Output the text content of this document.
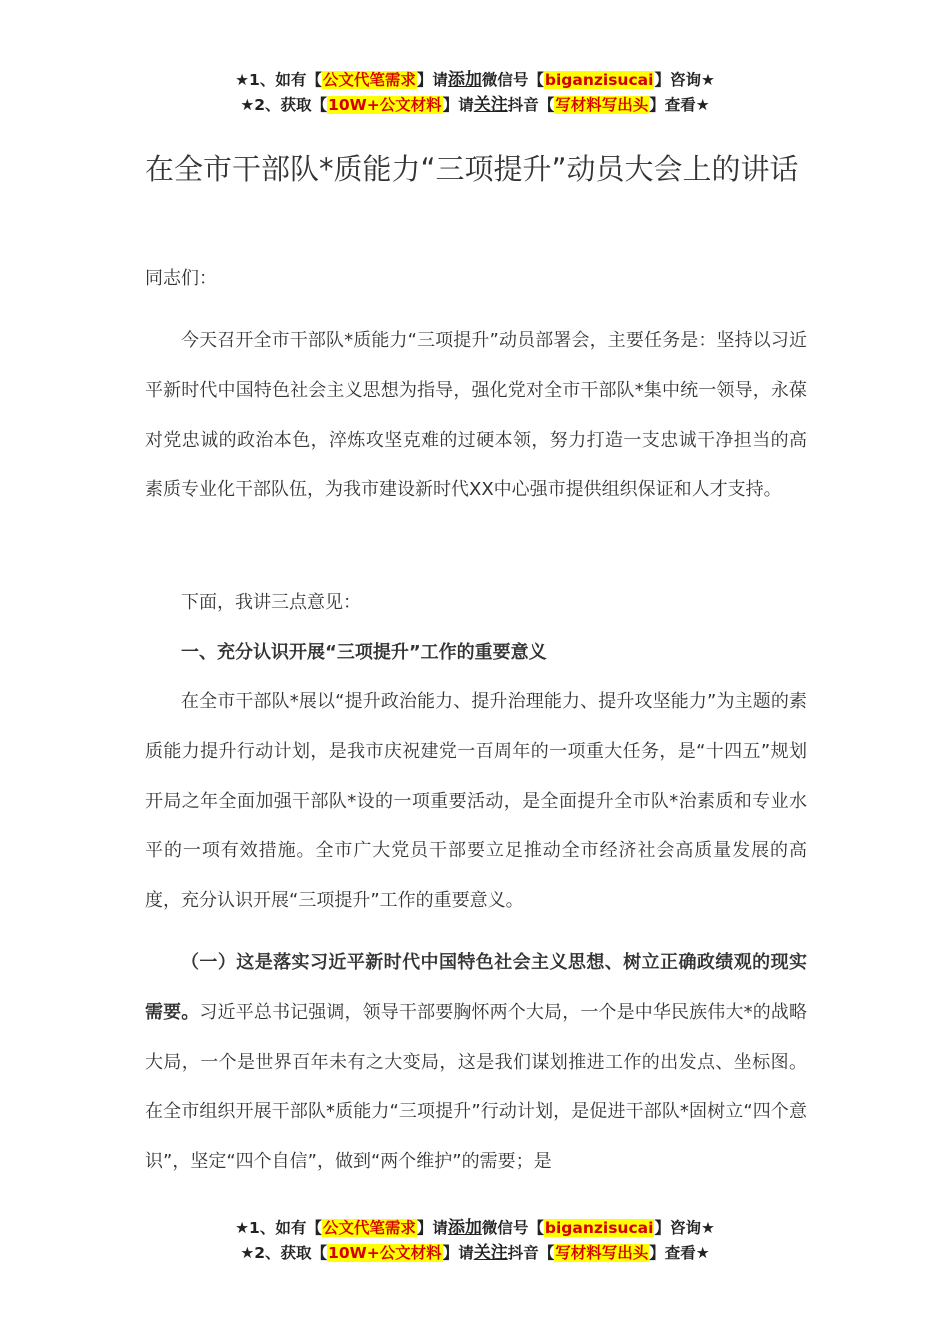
★1、如有【公文代笔需求】请添加微信号【biganzisucai】咨询★
★2、获取【10W+公文材料】请关注抖音【写材料写出头】查看★
在全市干部队*质能力“三项提升”动员大会上的讲话
同志们：
今天召开全市干部队*质能力“三项提升”动员部署会，主要任务是：坚持以习近平新时代中国特色社会主义思想为指导，强化党对全市干部队*集中统一领导，永葆对党忠诚的政治本色，淬炼攻坚克难的过硬本领，努力打造一支忠诚干净担当的高素质专业化干部队伍，为我市建设新时代XX中心强市提供组织保证和人才支持。
下面，我讲三点意见：
一、充分认识开展“三项提升”工作的重要意义
在全市干部队*展以“提升政治能力、提升治理能力、提升攻坚能力”为主题的素质能力提升行动计划，是我市庆祝建党一百周年的一项重大任务，是“十四五”规划开局之年全面加强干部队*设的一项重要活动，是全面提升全市队*治素质和专业水平的一项有效措施。全市广大党员干部要立足推动全市经济社会高质量发展的高度，充分认识开展“三项提升”工作的重要意义。
（一）这是落实习近平新时代中国特色社会主义思想、树立正确政绩观的现实需要。习近平总书记强调，领导干部要胸怀两个大局，一个是中华民族伟大*的战略大局，一个是世界百年未有之大变局，这是我们谋划推进工作的出发点、坐标图。在全市组织开展干部队*质能力“三项提升”行动计划，是促进干部队*固树立“四个意识”，坚定“四个自信”，做到“两个维护”的需要；是
★1、如有【公文代笔需求】请添加微信号【biganzisucai】咨询★
★2、获取【10W+公文材料】请关注抖音【写材料写出头】查看★
